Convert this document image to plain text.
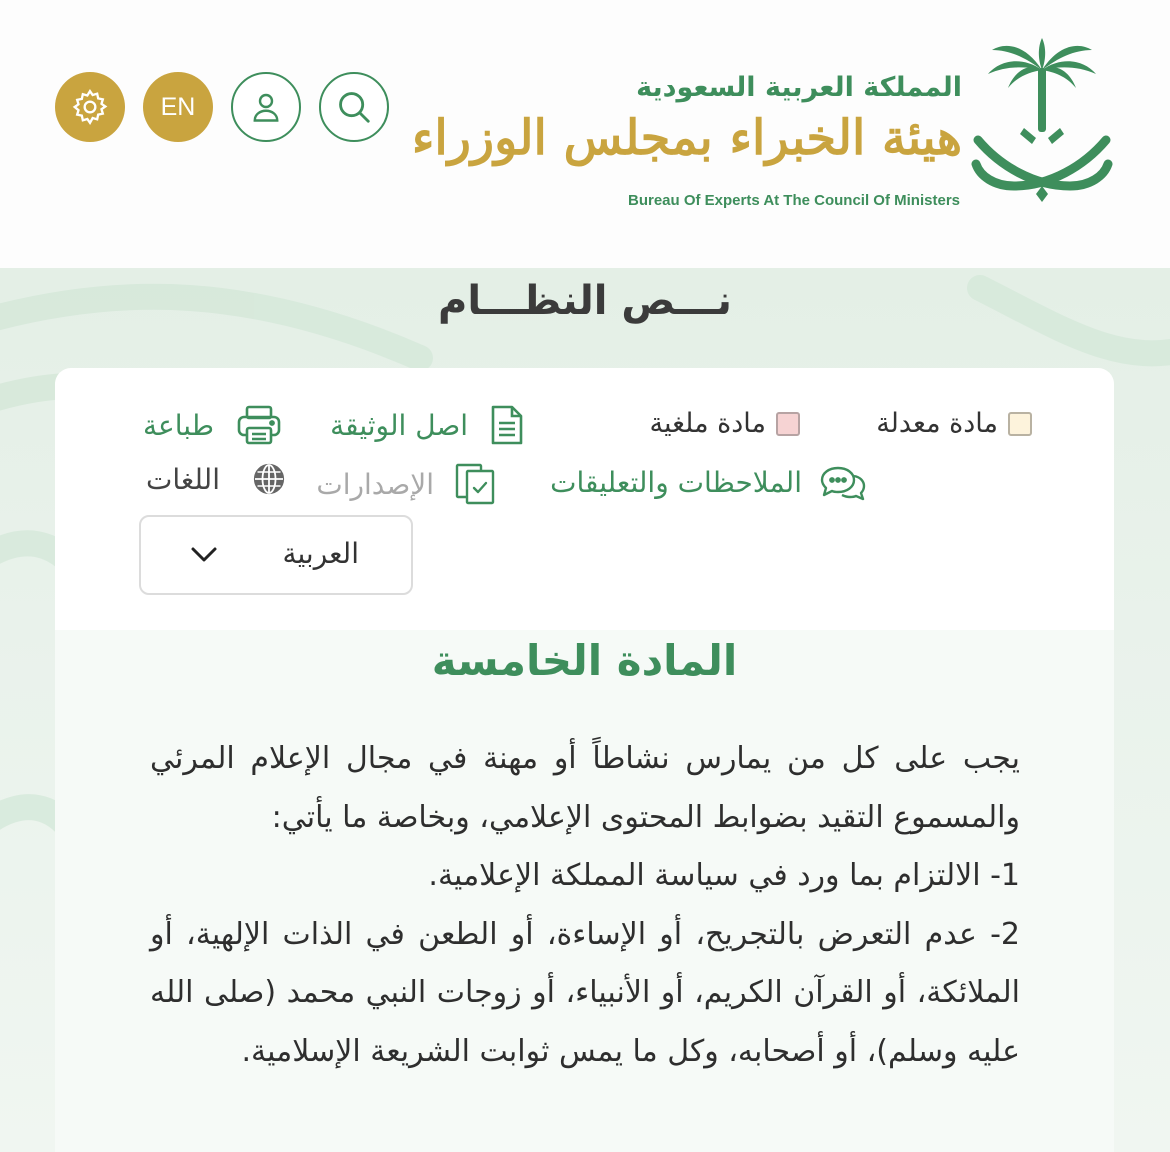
EN
المملكة العربية السعودية
هيئة الخبراء بمجلس الوزراء
Bureau Of Experts At The Council Of Ministers
نـــص النظـــام
مادة معدلة
مادة ملغية
اصل الوثيقة
طباعة
الملاحظات والتعليقات
الإصدارات
اللغات
العربية
المادة الخامسة

يجب على كل من يمارس نشاطاً أو مهنة في مجال الإعلام المرئي والمسموع التقيد بضوابط المحتوى الإعلامي، وبخاصة ما يأتي:

1- الالتزام بما ورد في سياسة المملكة الإعلامية.

2- عدم التعرض بالتجريح، أو الإساءة، أو الطعن في الذات الإلهية، أو الملائكة، أو القرآن الكريم، أو الأنبياء، أو زوجات النبي محمد (صلى الله عليه وسلم)، أو أصحابه، وكل ما يمس ثوابت الشريعة الإسلامية.
